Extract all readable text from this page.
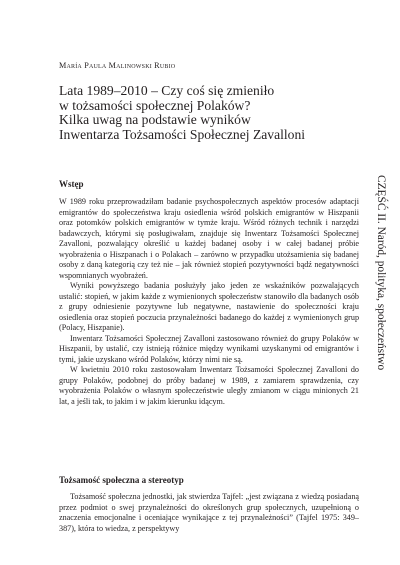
María Paula Malinowski Rubio
Lata 1989–2010 – Czy coś się zmieniło
w tożsamości społecznej Polaków?
Kilka uwag na podstawie wyników
Inwentarza Tożsamości Społecznej Zavalloni
Wstęp

W 1989 roku przeprowadziłam badanie psychospołecznych aspektów procesów adaptacji emigrantów do społeczeństwa kraju osiedlenia wśród polskich emigrantów w Hiszpanii oraz potomków polskich emigrantów w tymże kraju. Wśród różnych technik i narzędzi badawczych, którymi się posługiwałam, znajduje się Inwentarz Tożsamości Społecznej Zavalloni, pozwalający określić u każdej badanej osoby i w całej badanej próbie wyobrażenia o Hiszpanach i o Polakach – zarówno w przypadku utożsamienia się badanej osoby z daną kategorią czy też nie – jak również stopień pozytywności bądź negatywności wspomnianych wyobrażeń.

Wyniki powyższego badania posłużyły jako jeden ze wskaźników pozwalających ustalić: stopień, w jakim każde z wymienionych społeczeństw stanowiło dla badanych osób z grupy odniesienie pozytywne lub negatywne, nastawienie do społeczności kraju osiedlenia oraz stopień poczucia przynależności badanego do każdej z wymienionych grup (Polacy, Hiszpanie).

Inwentarz Tożsamości Społecznej Zavalloni zastosowano również do grupy Polaków w Hiszpanii, by ustalić, czy istnieją różnice między wynikami uzyskanymi od emigrantów i tymi, jakie uzyskano wśród Polaków, którzy nimi nie są.

W kwietniu 2010 roku zastosowałam Inwentarz Tożsamości Społecznej Zavalloni do grupy Polaków, podobnej do próby badanej w 1989, z zamiarem sprawdzenia, czy wyobrażenia Polaków o własnym społeczeństwie uległy zmianom w ciągu minionych 21 lat, a jeśli tak, to jakim i w jakim kierunku idącym.

Tożsamość społeczna a stereotyp

Tożsamość społeczna jednostki, jak stwierdza Tajfel: „jest związana z wiedzą posiadaną przez podmiot o swej przynależności do określonych grup społecznych, uzupełnioną o znaczenia emocjonalne i oceniające wynikające z tej przynależności” (Tajfel 1975: 349–387), która to wiedza, z perspektywy

CZĘŚĆ II. Naród, polityka, społeczeństwo
